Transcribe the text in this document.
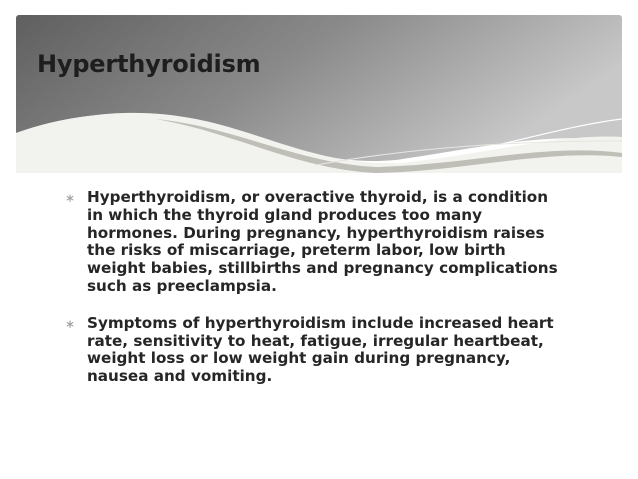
Hyperthyroidism
∗ Hyperthyroidism, or overactive thyroid, is a condition in which the thyroid gland produces too many hormones. During pregnancy, hyperthyroidism raises the risks of miscarriage, preterm labor, low birth weight babies, stillbirths and pregnancy complications such as preeclampsia.
∗ Symptoms of hyperthyroidism include increased heart rate, sensitivity to heat, fatigue, irregular heartbeat, weight loss or low weight gain during pregnancy, nausea and vomiting.
